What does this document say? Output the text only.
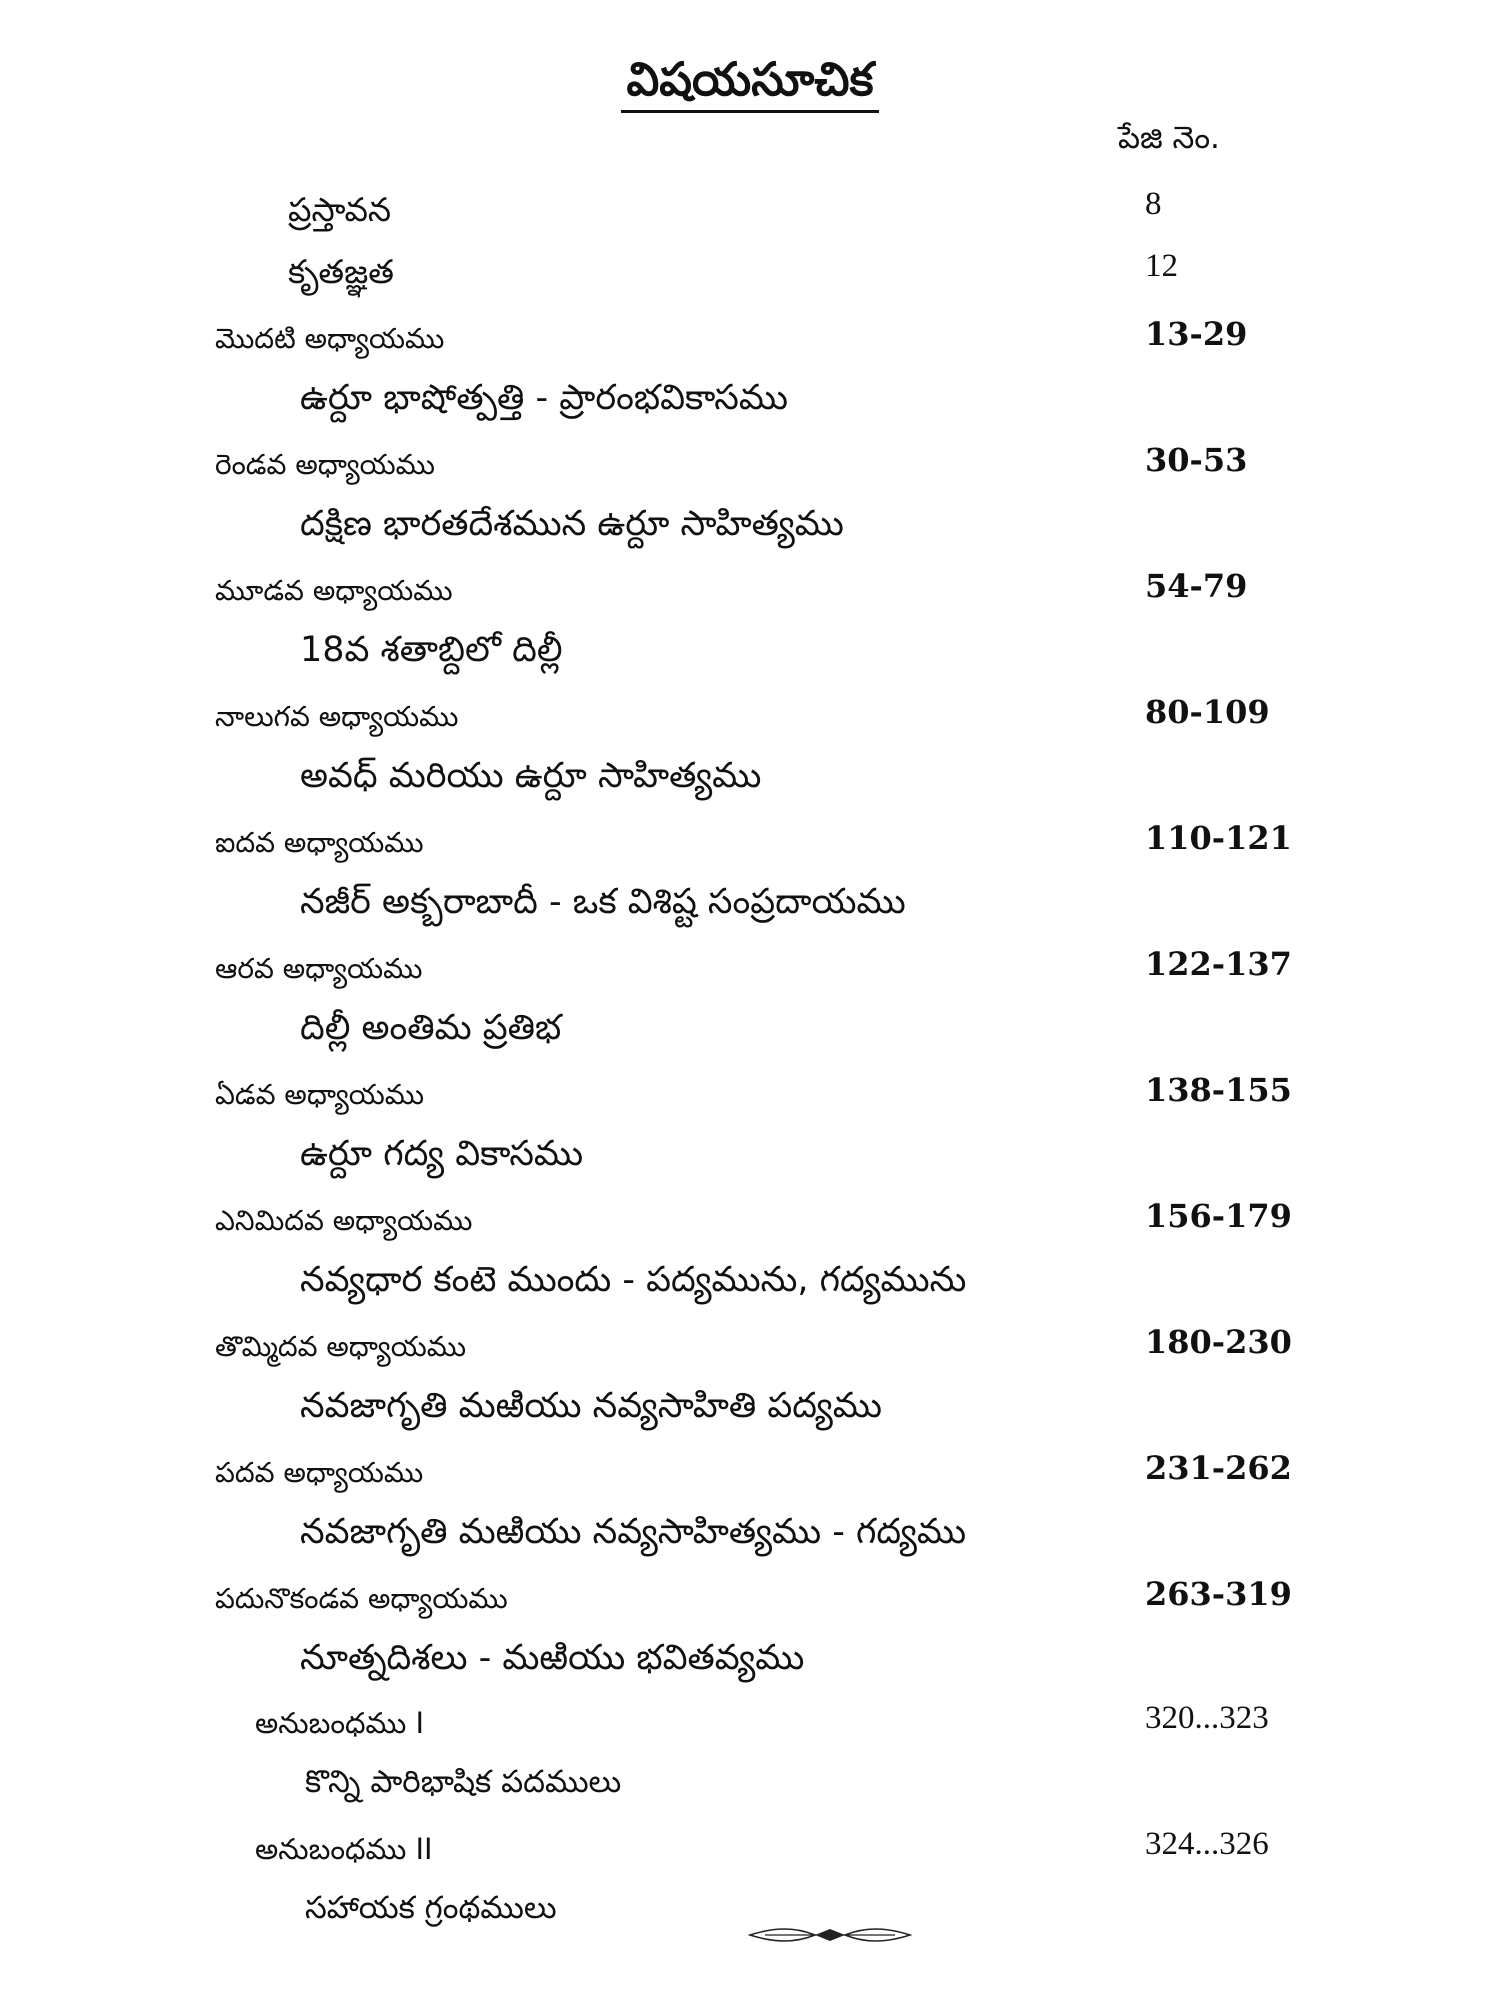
విషయసూచిక
పేజి నెం.
ప్రస్తావన	8
కృతజ్ఞత	12
మొదటి అధ్యాయము	13-29
ఉర్దూ భాషోత్పత్తి - ప్రారంభవికాసము
రెండవ అధ్యాయము	30-53
దక్షిణ భారతదేశమున ఉర్దూ సాహిత్యము
మూడవ అధ్యాయము	54-79
18వ శతాబ్దిలో దిల్లీ
నాలుగవ అధ్యాయము	80-109
అవధ్ మరియు ఉర్దూ సాహిత్యము
ఐదవ అధ్యాయము	110-121
నజీర్ అక్బరాబాదీ - ఒక విశిష్ట సంప్రదాయము
ఆరవ అధ్యాయము	122-137
దిల్లీ అంతిమ ప్రతిభ
ఏడవ అధ్యాయము	138-155
ఉర్దూ గద్య వికాసము
ఎనిమిదవ అధ్యాయము	156-179
నవ్యధార కంటె ముందు - పద్యమును, గద్యమును
తొమ్మిదవ అధ్యాయము	180-230
నవజాగృతి మఱియు నవ్యసాహితి పద్యము
పదవ అధ్యాయము	231-262
నవజాగృతి మఱియు నవ్యసాహిత్యము - గద్యము
పదునొకండవ అధ్యాయము	263-319
నూత్నదిశలు - మఱియు భవితవ్యము
అనుబంధము I	320...323
కొన్ని పారిభాషిక పదములు
అనుబంధము II	324...326
సహాయక గ్రంథములు
